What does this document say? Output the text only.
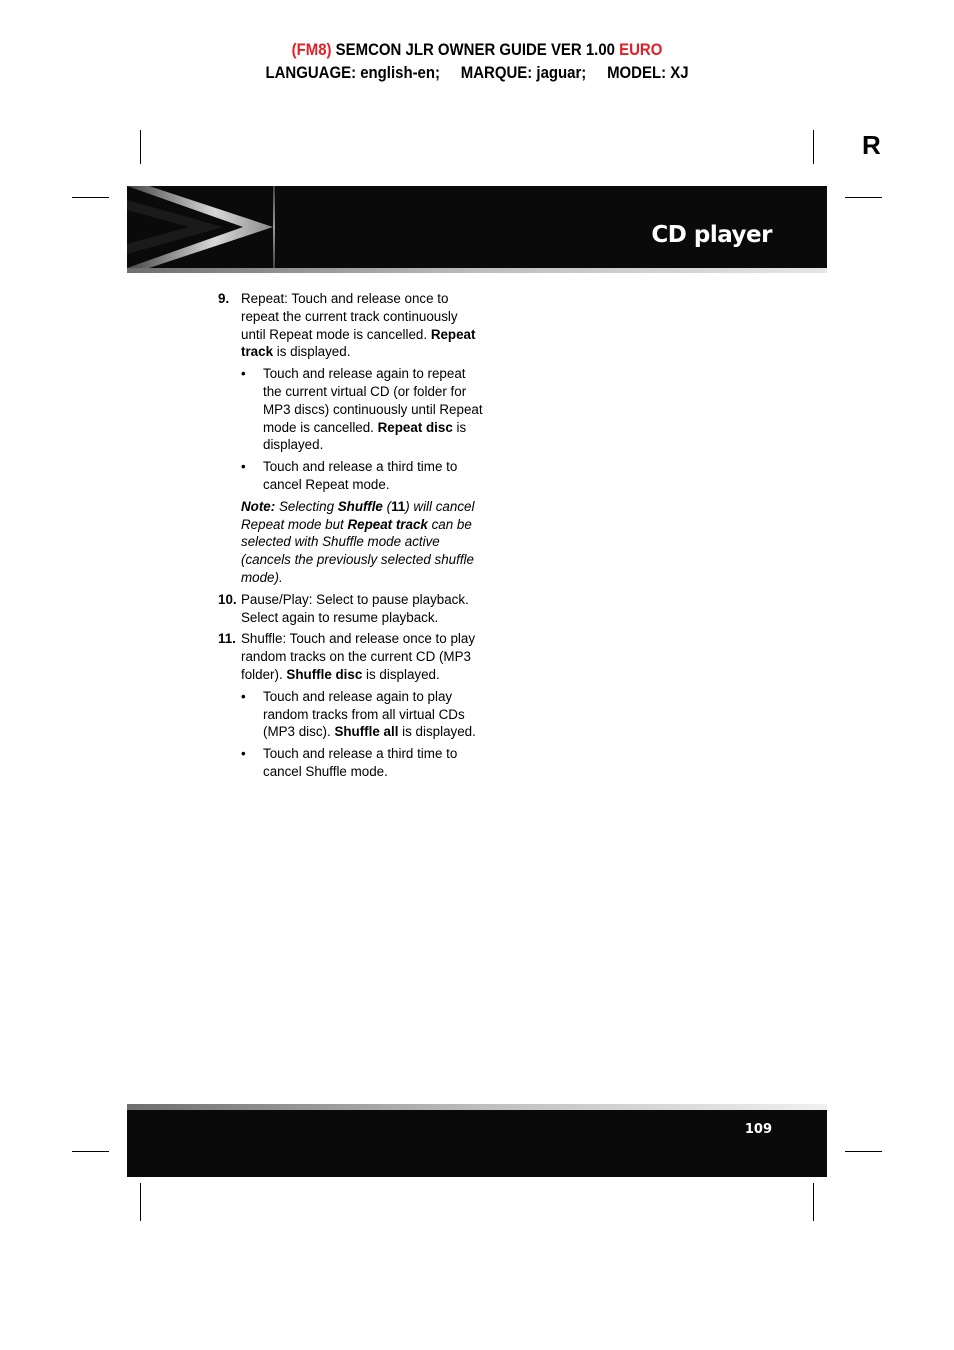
(FM8) SEMCON JLR OWNER GUIDE VER 1.00 EURO
LANGUAGE: english-en;     MARQUE: jaguar;     MODEL: XJ
R
CD player
9. Repeat: Touch and release once to repeat the current track continuously until Repeat mode is cancelled. Repeat track is displayed.
• Touch and release again to repeat the current virtual CD (or folder for MP3 discs) continuously until Repeat mode is cancelled. Repeat disc is displayed.
• Touch and release a third time to cancel Repeat mode.
Note: Selecting Shuffle (11) will cancel Repeat mode but Repeat track can be selected with Shuffle mode active (cancels the previously selected shuffle mode).
10. Pause/Play: Select to pause playback. Select again to resume playback.
11. Shuffle: Touch and release once to play random tracks on the current CD (MP3 folder). Shuffle disc is displayed.
• Touch and release again to play random tracks from all virtual CDs (MP3 disc). Shuffle all is displayed.
• Touch and release a third time to cancel Shuffle mode.
109
